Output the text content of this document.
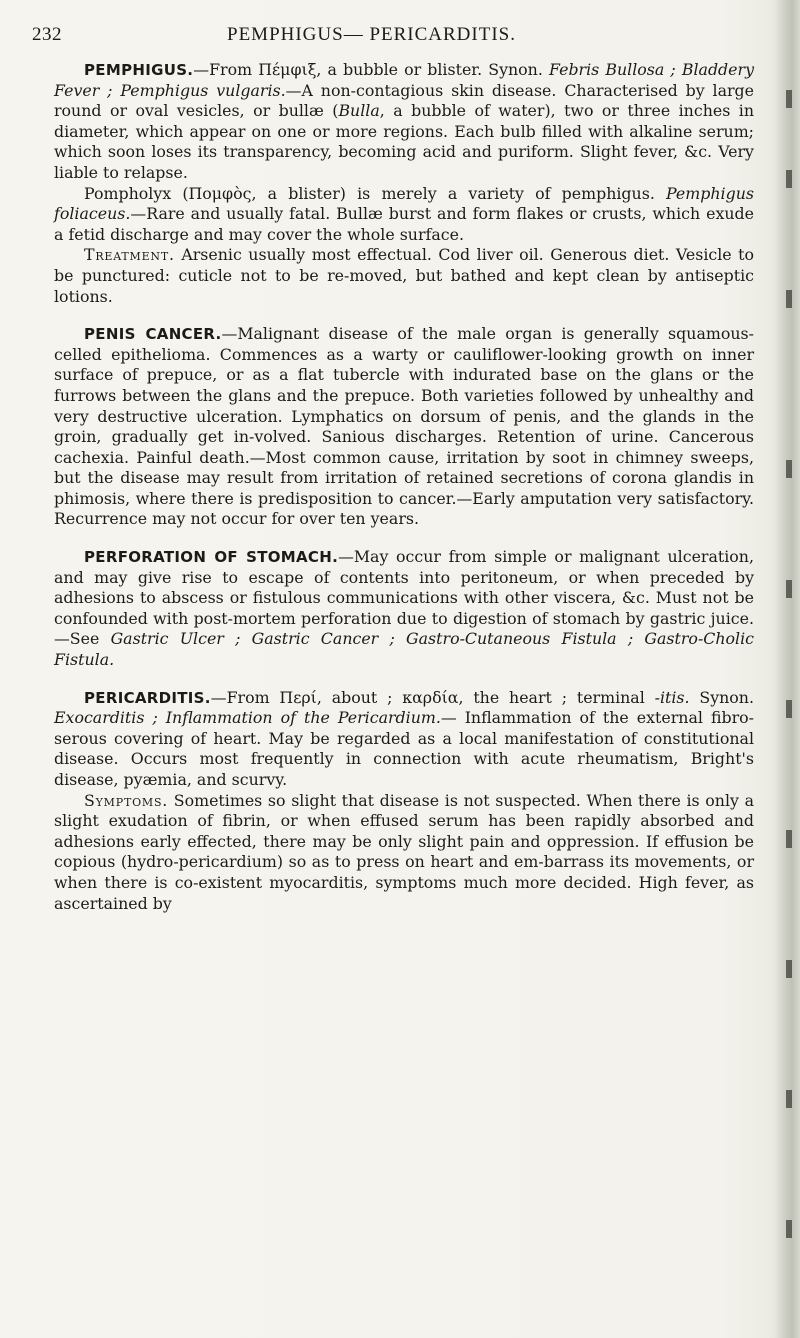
232	PEMPHIGUS— PERICARDITIS.

PEMPHIGUS.—From Πέμφιξ, a bubble or blister. Synon. Febris Bullosa ; Bladdery Fever ; Pemphigus vulgaris.—A non-contagious skin disease. Characterised by large round or oval vesicles, or bullæ (Bulla, a bubble of water), two or three inches in diameter, which appear on one or more regions. Each bulb filled with alkaline serum; which soon loses its transparency, becoming acid and puriform. Slight fever, &c. Very liable to relapse.

Pompholyx (Πομφὸς, a blister) is merely a variety of pemphigus. Pemphigus foliaceus.—Rare and usually fatal. Bullæ burst and form flakes or crusts, which exude a fetid discharge and may cover the whole surface.

Treatment. Arsenic usually most effectual. Cod liver oil. Generous diet. Vesicle to be punctured: cuticle not to be re-moved, but bathed and kept clean by antiseptic lotions.

PENIS CANCER.—Malignant disease of the male organ is generally squamous-celled epithelioma. Commences as a warty or cauliflower-looking growth on inner surface of prepuce, or as a flat tubercle with indurated base on the glans or the furrows between the glans and the prepuce. Both varieties followed by unhealthy and very destructive ulceration. Lymphatics on dorsum of penis, and the glands in the groin, gradually get in-volved. Sanious discharges. Retention of urine. Cancerous cachexia. Painful death.—Most common cause, irritation by soot in chimney sweeps, but the disease may result from irritation of retained secretions of corona glandis in phimosis, where there is predisposition to cancer.—Early amputation very satisfactory. Recurrence may not occur for over ten years.

PERFORATION OF STOMACH.—May occur from simple or malignant ulceration, and may give rise to escape of contents into peritoneum, or when preceded by adhesions to abscess or fistulous communications with other viscera, &c. Must not be confounded with post-mortem perforation due to digestion of stomach by gastric juice.—See Gastric Ulcer ; Gastric Cancer ; Gastro-Cutaneous Fistula ; Gastro-Cholic Fistula.

PERICARDITIS.—From Περί, about ; καρδία, the heart ; terminal -itis. Synon. Exocarditis ; Inflammation of the Pericardium.— Inflammation of the external fibro-serous covering of heart. May be regarded as a local manifestation of constitutional disease. Occurs most frequently in connection with acute rheumatism, Bright's disease, pyæmia, and scurvy.

Symptoms. Sometimes so slight that disease is not suspected. When there is only a slight exudation of fibrin, or when effused serum has been rapidly absorbed and adhesions early effected, there may be only slight pain and oppression. If effusion be copious (hydro-pericardium) so as to press on heart and em-barrass its movements, or when there is co-existent myocarditis, symptoms much more decided. High fever, as ascertained by
